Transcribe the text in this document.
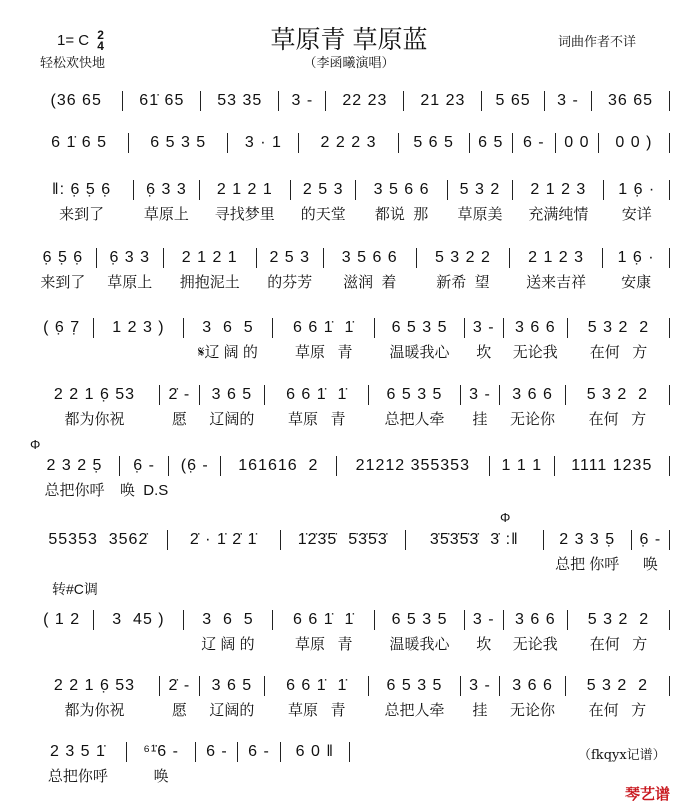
1= C 2
4
轻松欢快地
草原青 草原蓝
（李函曦演唱）
词曲作者不详
(36 65	61̇ 65	53 35	3 -	22 23	21 23	5 65	3 -	36 65
6 1̇ 6 5	6 5 3 5	3 · 1	2 2 2 3	5 6 5	6 5	6 -	0 0	0 0 )
‖: 6̣ 5̣ 6̣
来到了
6̣ 3 3
草原上
2 1 2 1
寻找梦里
2 5 3
的天堂
3 5 6 6
都说  那
5 3 2
草原美
2 1 2 3
充满纯情
1 6̣ ·
安详
6̣ 5̣ 6̣
来到了
6̣ 3 3
草原上
2 1 2 1
拥抱泥土
2 5 3
的芬芳
3 5 6 6
滋润  着
5 3 2 2
新希  望
2 1 2 3
送来吉祥
1 6̣ ·
安康
( 6̣ 7̣	1 2 3 )	3  6  5
𝄋辽 阔 的
6 6 1̇  1̇
草原   青
6 5 3 5
温暖我心
3 -
坎
3 6 6
无论我
5 3 2  2
在何   方
2 2 1 6̣ 53
都为你祝
2̇ -
愿
3 6 5
辽阔的
6 6 1̇  1̇
草原   青
6 5 3 5
总把人牵
3 -
挂
3 6 6
无论你
5 3 2  2
在何   方
2 3 2 5̣
总把你呼
6̣ -
唤  D.S
(6̣ -	161616  2	21212 355353	1 1 1	1111 1235
55353  3562̇	2̇ · 1̇ 2̇ 1̇	1̇2̇3̇5̇  5̇3̇5̇3̇	3̇5̇3̇5̇3̇  3̇ :‖	2 3 3 5̣
总把 你呼
6̣ -
唤
( 1 2	3  45 )	3  6  5
辽 阔 的
6 6 1̇  1̇
草原   青
6 5 3 5
温暖我心
3 -
坎
3 6 6
无论我
5 3 2  2
在何   方
2 2 1 6̣ 53
都为你祝
2̇ -
愿
3 6 5
辽阔的
6 6 1̇  1̇
草原   青
6 5 3 5
总把人牵
3 -
挂
3 6 6
无论你
5 3 2  2
在何   方
2 3 5 1̇
总把你呼
⁶¹̇6 -
唤
6 -	6 -	6 0 ‖
Φ
Φ
转#C调
（fkqyx记谱）
琴艺谱
